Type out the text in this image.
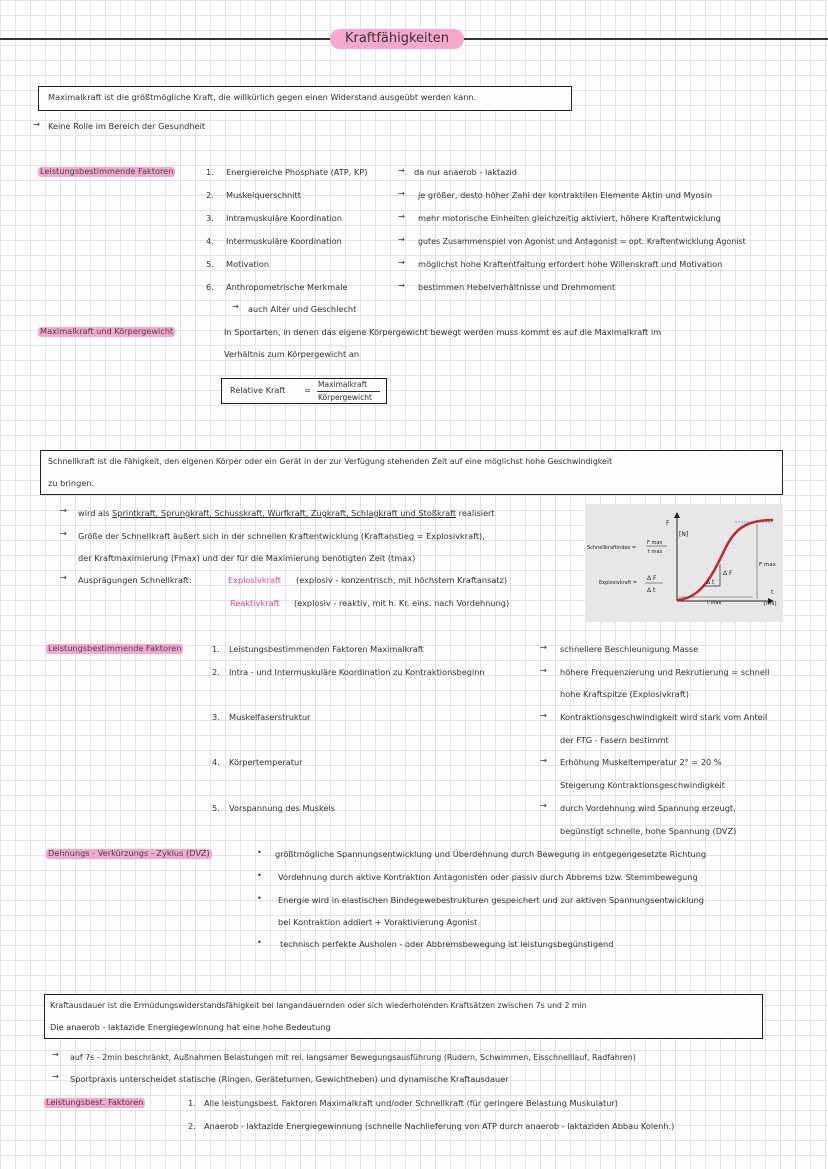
Kraftfähigkeiten
Maximalkraft ist die größtmögliche Kraft, die willkürlich gegen einen Widerstand ausgeübt werden kann.
→ Keine Rolle im Bereich der Gesundheit
Leistungsbestimmende Faktoren	1. Energiereiche Phosphate (ATP, KP)	→ da nur anaerob - laktazid
2. Muskelquerschnitt	→ je größer, desto höher Zahl der kontraktilen Elemente Aktin und Myosin
3. Intramuskuläre Koordination	→ mehr motorische Einheiten gleichzeitig aktiviert, höhere Kraftentwicklung
4. Intermuskuläre Koordination	→ gutes Zusammenspiel von Agonist und Antagonist = opt. Kraftentwicklung Agonist
5. Motivation	→ möglichst hohe Kraftentfaltung erfordert hohe Willenskraft und Motivation
6. Anthropometrische Merkmale	→ bestimmen Hebelverhältnisse und Drehmoment
→ auch Alter und Geschlecht
Maximalkraft und Körpergewicht	In Sportarten, in denen das eigene Körpergewicht bewegt werden muss kommt es auf die Maximalkraft im
Verhältnis zum Körpergewicht an
Relative Kraft =
Maximalkraft
Körpergewicht
Schnellkraft ist die Fähigkeit, den eigenen Körper oder ein Gerät in der zur Verfügung stehenden Zeit auf eine möglichst hohe Geschwindigkeit
zu bringen.
→ wird als Sprintkraft, Sprungkraft, Schusskraft, Wurfkraft, Zugkraft, Schlagkraft und Stoßkraft realisiert
→ Größe der Schnellkraft äußert sich in der schnellen Kraftentwicklung (Kraftanstieg = Explosivkraft),
der Kraftmaximierung (Fmax) und der für die Maximierung benötigten Zeit (tmax)
→ Ausprägungen Schnellkraft:	Explosivkraft (explosiv - konzentrisch, mit höchstem Kraftansatz)
Reaktivkraft (explosiv - reaktiv, mit h. Kr. eins. nach Vordehnung)
F
[N]
t
[ms]
F max
Δ F
Δ t
t max
Schnellkraftindex =
F max
t max
Explosivkraft =
Δ F
Δ t
Leistungsbestimmende Faktoren	1. Leistungsbestimmenden Faktoren Maximalkraft	→ schnellere Beschleunigung Masse
2. Intra - und Intermuskuläre Koordination zu Kontraktionsbeginn	→ höhere Frequenzierung und Rekrutierung = schnell
hohe Kraftspitze (Explosivkraft)
3. Muskelfaserstruktur	→ Kontraktionsgeschwindigkeit wird stark vom Anteil
der FTG - Fasern bestimmt
4. Körpertemperatur	→ Erhöhung Muskeltemperatur 2° = 20 %
Steigerung Kontraktionsgeschwindigkeit
5. Vorspannung des Muskels	→ durch Vordehnung wird Spannung erzeugt,
begünstigt schnelle, hohe Spannung (DVZ)
Dehnungs - Verkürzungs - Zyklus (DVZ)	• größtmögliche Spannungsentwicklung und Überdehnung durch Bewegung in entgegengesetzte Richtung
• Vordehnung durch aktive Kontraktion Antagonisten oder passiv durch Abbrems bzw. Stemmbewegung
• Energie wird in elastischen Bindegewebestrukturen gespeichert und zur aktiven Spannungsentwicklung
bei Kontraktion addiert + Voraktivierung Agonist
• technisch perfekte Ausholen - oder Abbremsbewegung ist leistungsbegünstigend
Kraftausdauer ist die Ermüdungswiderstandsfähigkeit bei langandauernden oder sich wiederholenden Kraftsätzen zwischen 7s und 2 min
Die anaerob - laktazide Energiegewinnung hat eine hohe Bedeutung
→ auf 7s - 2min beschränkt, Außnahmen Belastungen mit rel. langsamer Bewegungsausführung (Rudern, Schwimmen, Eisschnelllauf, Radfahren)
→ Sportpraxis unterscheidet statische (Ringen, Geräteturnen, Gewichtheben) und dynamische Kraftausdauer
Leistungsbest. Faktoren	1. Alle leistungsbest. Faktoren Maximalkraft und/oder Schnellkraft (für geringere Belastung Muskulatur)
2. Anaerob - laktazide Energiegewinnung (schnelle Nachlieferung von ATP durch anaerob - laktaziden Abbau Kolenh.)
